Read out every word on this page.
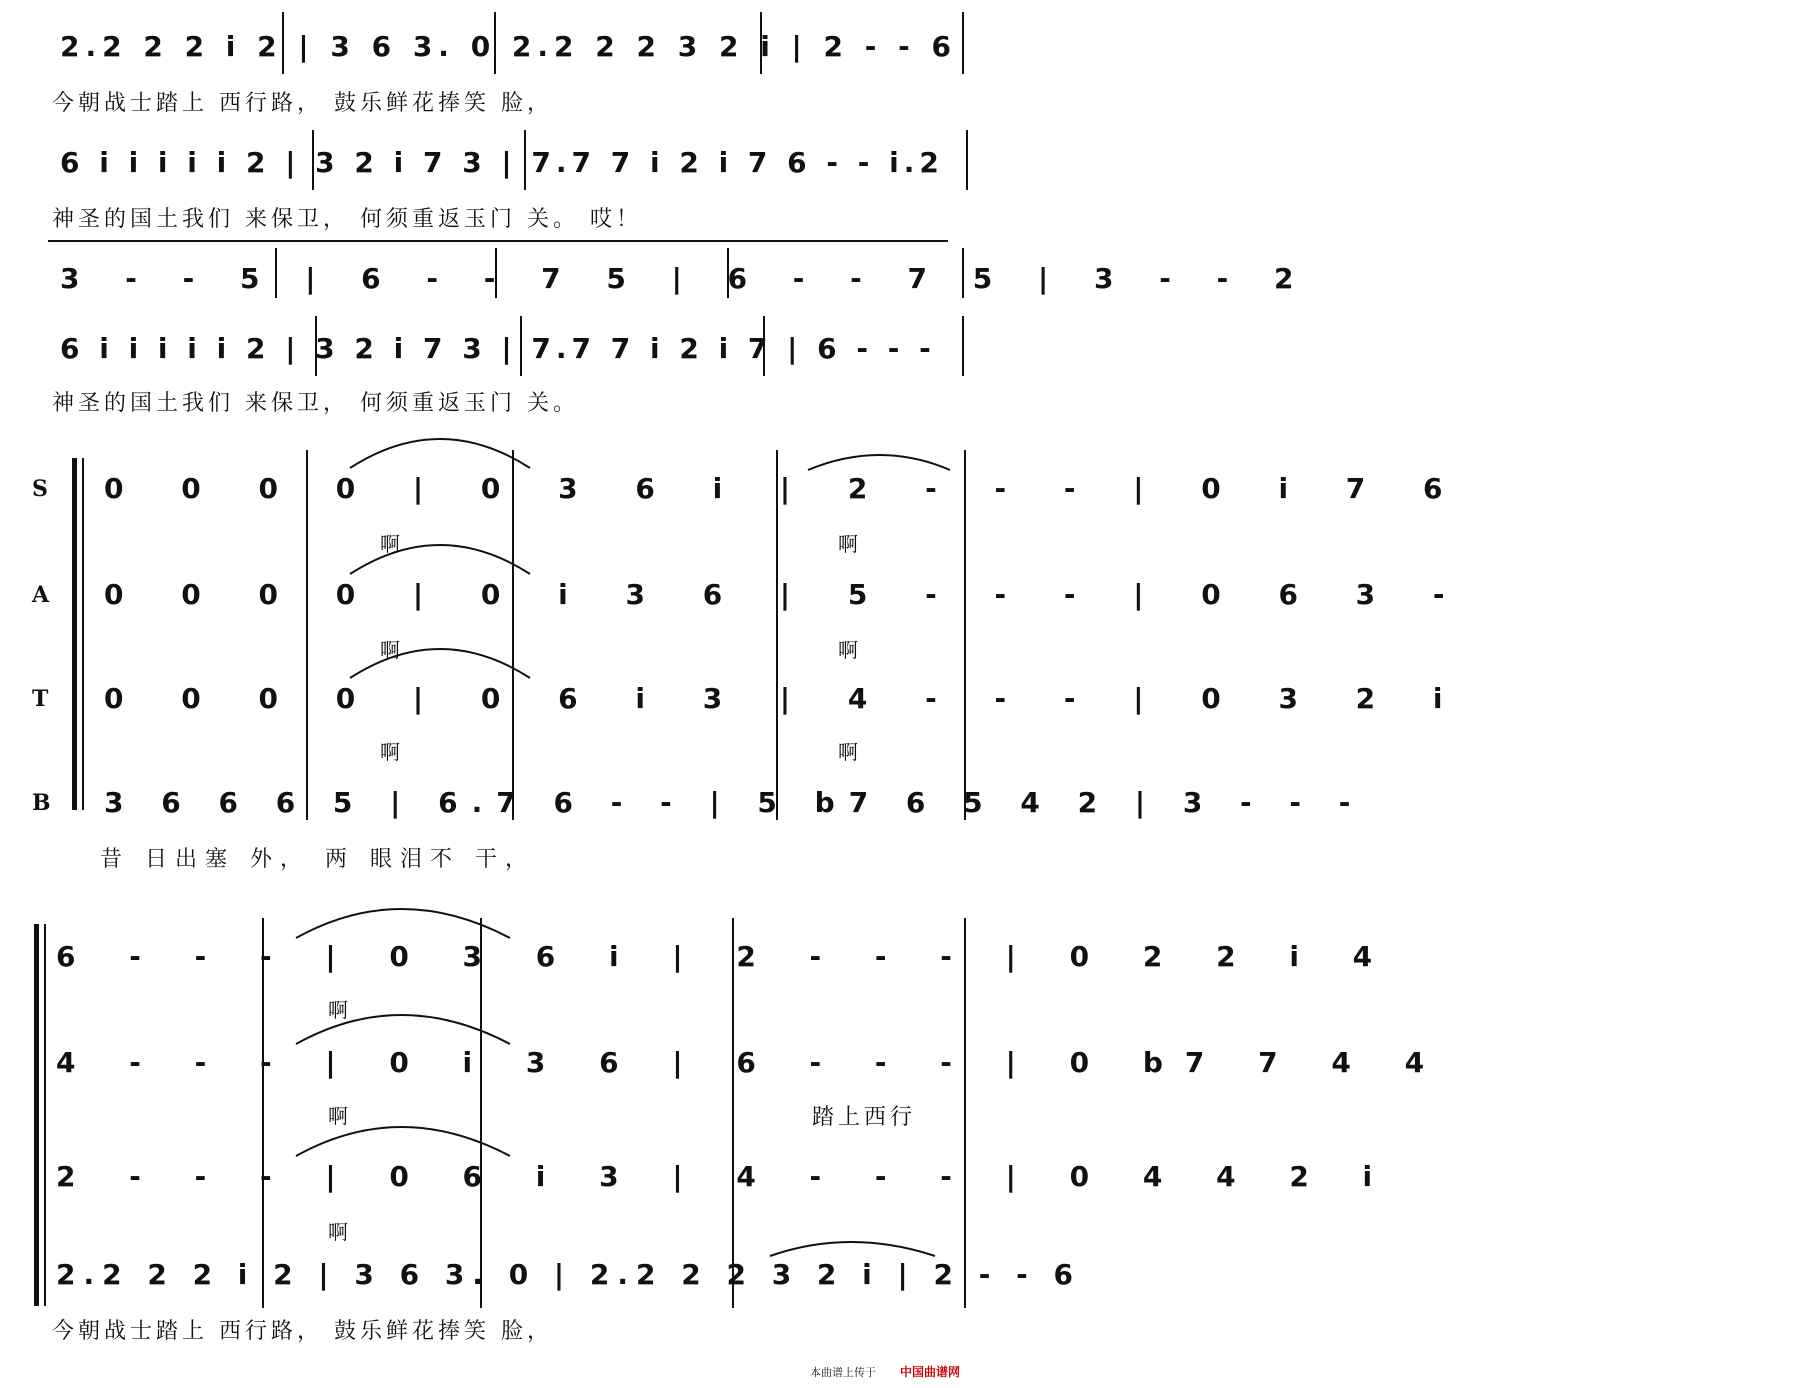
2.2 2 2 i 2 | 3 6 3. 0 2.2 2 2 3 2 i | 2 - - 6
今朝战士踏上 西行路， 鼓乐鲜花捧笑 脸，
6 i i i i i 2 | 3 2 i 7 3 | 7.7 7 i 2 i 7 6 - - i.2
神圣的国土我们 来保卫， 何须重返玉门 关。 哎！
3 - - 5 | 6 - - 7 5 | 6 - - 7 5 | 3 - - 2
6 i i i i i 2 | 3 2 i 7 3 | 7.7 7 i 2 i 7 | 6 - - -
神圣的国土我们 来保卫， 何须重返玉门 关。
S
A
T
B
0 0 0 0 | 0 3 6 i | 2 - - - | 0 i 7 6
啊	啊
0 0 0 0 | 0 i 3 6 | 5 - - - | 0 6 3 -
啊	啊
0 0 0 0 | 0 6 i 3 | 4 - - - | 0 3 2 i
啊	啊
3 6 6 6 5 | 6.7 6 - - | 5 b7 6 5 4 2 | 3 - - -
昔 日出塞 外， 两 眼泪不 干，
6 - - - | 0 3 6 i | 2 - - - | 0 2 2 i 4
啊
4 - - - | 0 i 3 6 | 6 - - - | 0 b7 7 4 4
啊	踏上西行
2 - - - | 0 6 i 3 | 4 - - - | 0 4 4 2 i
啊
2.2 2 2 i 2 | 3 6 3. 0 | 2.2 2 2 3 2 i | 2 - - 6
今朝战士踏上 西行路， 鼓乐鲜花捧笑 脸，
本曲谱上传于 中国曲谱网
